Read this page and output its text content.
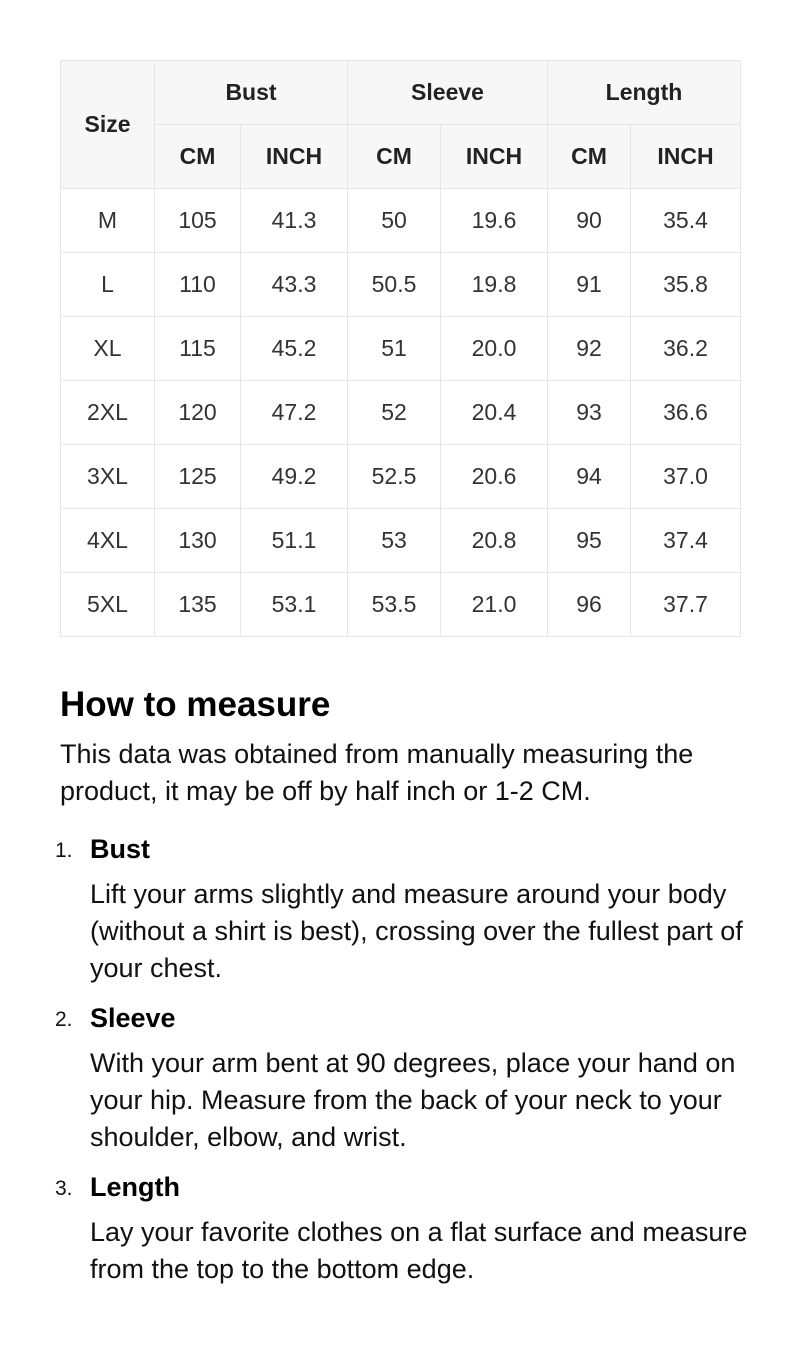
Size	Bust		Sleeve		Length	
	CM	INCH	CM	INCH	CM	INCH
M	105	41.3	50	19.6	90	35.4
L	110	43.3	50.5	19.8	91	35.8
XL	115	45.2	51	20.0	92	36.2
2XL	120	47.2	52	20.4	93	36.6
3XL	125	49.2	52.5	20.6	94	37.0
4XL	130	51.1	53	20.8	95	37.4
5XL	135	53.1	53.5	21.0	96	37.7
How to measure

This data was obtained from manually measuring the product, it may be off by half inch or 1-2 CM.

1. Bust
Lift your arms slightly and measure around your body (without a shirt is best), crossing over the fullest part of your chest.
2. Sleeve
With your arm bent at 90 degrees, place your hand on your hip. Measure from the back of your neck to your shoulder, elbow, and wrist.
3. Length
Lay your favorite clothes on a flat surface and measure from the top to the bottom edge.
